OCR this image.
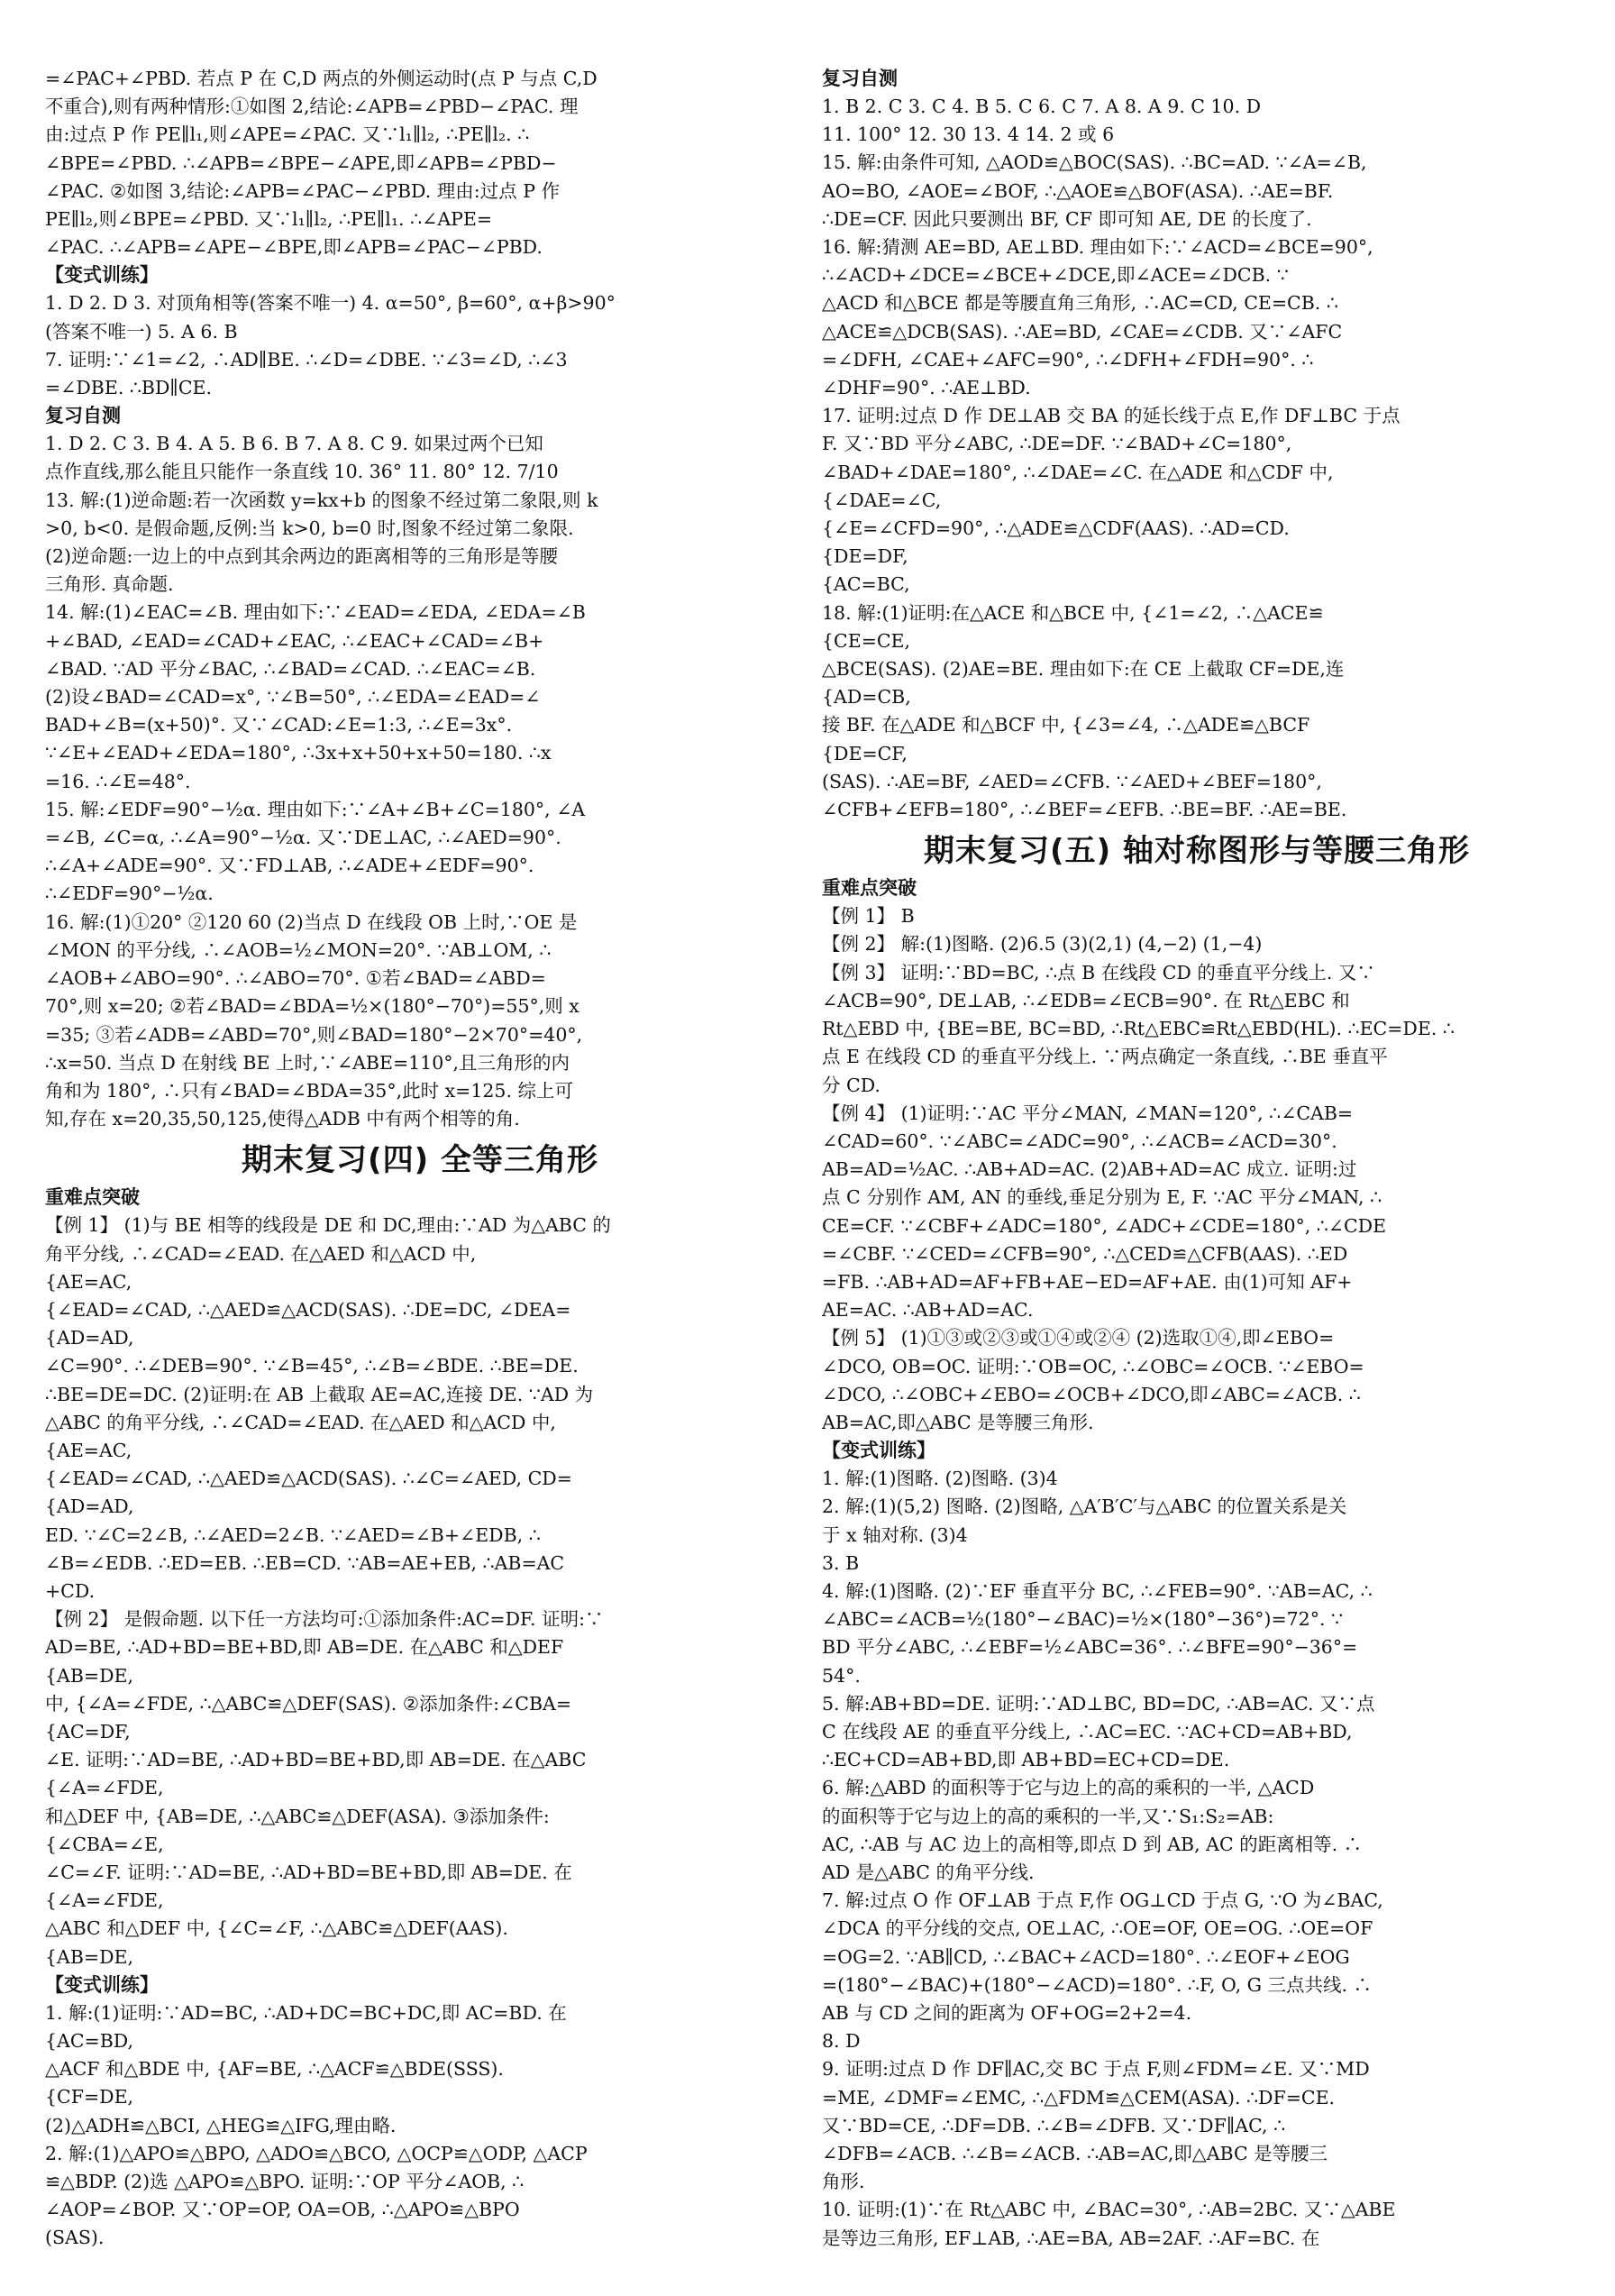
=∠PAC+∠PBD. 若点 P 在 C,D 两点的外侧运动时(点 P 与点 C,D
不重合),则有两种情形:①如图 2,结论:∠APB=∠PBD−∠PAC. 理
由:过点 P 作 PE∥l₁,则∠APE=∠PAC. 又∵l₁∥l₂, ∴PE∥l₂. ∴
∠BPE=∠PBD. ∴∠APB=∠BPE−∠APE,即∠APB=∠PBD−
∠PAC. ②如图 3,结论:∠APB=∠PAC−∠PBD. 理由:过点 P 作
PE∥l₂,则∠BPE=∠PBD. 又∵l₁∥l₂, ∴PE∥l₁. ∴∠APE=
∠PAC. ∴∠APB=∠APE−∠BPE,即∠APB=∠PAC−∠PBD.
【变式训练】
1. D 2. D 3. 对顶角相等(答案不唯一) 4. α=50°, β=60°, α+β>90°
(答案不唯一) 5. A 6. B
7. 证明:∵∠1=∠2, ∴AD∥BE. ∴∠D=∠DBE. ∵∠3=∠D, ∴∠3
=∠DBE. ∴BD∥CE.
复习自测
1. D 2. C 3. B 4. A 5. B 6. B 7. A 8. C 9. 如果过两个已知
点作直线,那么能且只能作一条直线 10. 36° 11. 80° 12. 7/10
13. 解:(1)逆命题:若一次函数 y=kx+b 的图象不经过第二象限,则 k
>0, b<0. 是假命题,反例:当 k>0, b=0 时,图象不经过第二象限.
(2)逆命题:一边上的中点到其余两边的距离相等的三角形是等腰
三角形. 真命题.
14. 解:(1)∠EAC=∠B. 理由如下:∵∠EAD=∠EDA, ∠EDA=∠B
+∠BAD, ∠EAD=∠CAD+∠EAC, ∴∠EAC+∠CAD=∠B+
∠BAD. ∵AD 平分∠BAC, ∴∠BAD=∠CAD. ∴∠EAC=∠B.
(2)设∠BAD=∠CAD=x°, ∵∠B=50°, ∴∠EDA=∠EAD=∠
BAD+∠B=(x+50)°. 又∵∠CAD:∠E=1:3, ∴∠E=3x°.
∵∠E+∠EAD+∠EDA=180°, ∴3x+x+50+x+50=180. ∴x
=16. ∴∠E=48°.
15. 解:∠EDF=90°−½α. 理由如下:∵∠A+∠B+∠C=180°, ∠A
=∠B, ∠C=α, ∴∠A=90°−½α. 又∵DE⊥AC, ∴∠AED=90°.
∴∠A+∠ADE=90°. 又∵FD⊥AB, ∴∠ADE+∠EDF=90°.
∴∠EDF=90°−½α.
16. 解:(1)①20° ②120 60 (2)当点 D 在线段 OB 上时,∵OE 是
∠MON 的平分线, ∴∠AOB=½∠MON=20°. ∵AB⊥OM, ∴
∠AOB+∠ABO=90°. ∴∠ABO=70°. ①若∠BAD=∠ABD=
70°,则 x=20; ②若∠BAD=∠BDA=½×(180°−70°)=55°,则 x
=35; ③若∠ADB=∠ABD=70°,则∠BAD=180°−2×70°=40°,
∴x=50. 当点 D 在射线 BE 上时,∵∠ABE=110°,且三角形的内
角和为 180°, ∴只有∠BAD=∠BDA=35°,此时 x=125. 综上可
知,存在 x=20,35,50,125,使得△ADB 中有两个相等的角.
期末复习(四) 全等三角形
重难点突破
【例 1】 (1)与 BE 相等的线段是 DE 和 DC,理由:∵AD 为△ABC 的
角平分线, ∴∠CAD=∠EAD. 在△AED 和△ACD 中,
{AE=AC,
{∠EAD=∠CAD, ∴△AED≌△ACD(SAS). ∴DE=DC, ∠DEA=
{AD=AD,
∠C=90°. ∴∠DEB=90°. ∵∠B=45°, ∴∠B=∠BDE. ∴BE=DE.
∴BE=DE=DC. (2)证明:在 AB 上截取 AE=AC,连接 DE. ∵AD 为
△ABC 的角平分线, ∴∠CAD=∠EAD. 在△AED 和△ACD 中,
{AE=AC,
{∠EAD=∠CAD, ∴△AED≌△ACD(SAS). ∴∠C=∠AED, CD=
{AD=AD,
ED. ∵∠C=2∠B, ∴∠AED=2∠B. ∵∠AED=∠B+∠EDB, ∴
∠B=∠EDB. ∴ED=EB. ∴EB=CD. ∵AB=AE+EB, ∴AB=AC
+CD.
【例 2】 是假命题. 以下任一方法均可:①添加条件:AC=DF. 证明:∵
AD=BE, ∴AD+BD=BE+BD,即 AB=DE. 在△ABC 和△DEF
{AB=DE,
中, {∠A=∠FDE, ∴△ABC≌△DEF(SAS). ②添加条件:∠CBA=
{AC=DF,
∠E. 证明:∵AD=BE, ∴AD+BD=BE+BD,即 AB=DE. 在△ABC
{∠A=∠FDE,
和△DEF 中, {AB=DE, ∴△ABC≌△DEF(ASA). ③添加条件:
{∠CBA=∠E,
∠C=∠F. 证明:∵AD=BE, ∴AD+BD=BE+BD,即 AB=DE. 在
{∠A=∠FDE,
△ABC 和△DEF 中, {∠C=∠F, ∴△ABC≌△DEF(AAS).
{AB=DE,
【变式训练】
1. 解:(1)证明:∵AD=BC, ∴AD+DC=BC+DC,即 AC=BD. 在
{AC=BD,
△ACF 和△BDE 中, {AF=BE, ∴△ACF≌△BDE(SSS).
{CF=DE,
(2)△ADH≌△BCI, △HEG≌△IFG,理由略.
2. 解:(1)△APO≌△BPO, △ADO≌△BCO, △OCP≌△ODP, △ACP
≌△BDP. (2)选 △APO≌△BPO. 证明:∵OP 平分∠AOB, ∴
∠AOP=∠BOP. 又∵OP=OP, OA=OB, ∴△APO≌△BPO
(SAS).
复习自测
1. B 2. C 3. C 4. B 5. C 6. C 7. A 8. A 9. C 10. D
11. 100° 12. 30 13. 4 14. 2 或 6
15. 解:由条件可知, △AOD≌△BOC(SAS). ∴BC=AD. ∵∠A=∠B,
AO=BO, ∠AOE=∠BOF, ∴△AOE≌△BOF(ASA). ∴AE=BF.
∴DE=CF. 因此只要测出 BF, CF 即可知 AE, DE 的长度了.
16. 解:猜测 AE=BD, AE⊥BD. 理由如下:∵∠ACD=∠BCE=90°,
∴∠ACD+∠DCE=∠BCE+∠DCE,即∠ACE=∠DCB. ∵
△ACD 和△BCE 都是等腰直角三角形, ∴AC=CD, CE=CB. ∴
△ACE≌△DCB(SAS). ∴AE=BD, ∠CAE=∠CDB. 又∵∠AFC
=∠DFH, ∠CAE+∠AFC=90°, ∴∠DFH+∠FDH=90°. ∴
∠DHF=90°. ∴AE⊥BD.
17. 证明:过点 D 作 DE⊥AB 交 BA 的延长线于点 E,作 DF⊥BC 于点
F. 又∵BD 平分∠ABC, ∴DE=DF. ∵∠BAD+∠C=180°,
∠BAD+∠DAE=180°, ∴∠DAE=∠C. 在△ADE 和△CDF 中,
{∠DAE=∠C,
{∠E=∠CFD=90°, ∴△ADE≌△CDF(AAS). ∴AD=CD.
{DE=DF,
{AC=BC,
18. 解:(1)证明:在△ACE 和△BCE 中, {∠1=∠2, ∴△ACE≌
{CE=CE,
△BCE(SAS). (2)AE=BE. 理由如下:在 CE 上截取 CF=DE,连
{AD=CB,
接 BF. 在△ADE 和△BCF 中, {∠3=∠4, ∴△ADE≌△BCF
{DE=CF,
(SAS). ∴AE=BF, ∠AED=∠CFB. ∵∠AED+∠BEF=180°,
∠CFB+∠EFB=180°, ∴∠BEF=∠EFB. ∴BE=BF. ∴AE=BE.
期末复习(五) 轴对称图形与等腰三角形
重难点突破
【例 1】 B
【例 2】 解:(1)图略. (2)6.5 (3)(2,1) (4,−2) (1,−4)
【例 3】 证明:∵BD=BC, ∴点 B 在线段 CD 的垂直平分线上. 又∵
∠ACB=90°, DE⊥AB, ∴∠EDB=∠ECB=90°. 在 Rt△EBC 和
Rt△EBD 中, {BE=BE, BC=BD, ∴Rt△EBC≌Rt△EBD(HL). ∴EC=DE. ∴
点 E 在线段 CD 的垂直平分线上. ∵两点确定一条直线, ∴BE 垂直平
分 CD.
【例 4】 (1)证明:∵AC 平分∠MAN, ∠MAN=120°, ∴∠CAB=
∠CAD=60°. ∵∠ABC=∠ADC=90°, ∴∠ACB=∠ACD=30°.
AB=AD=½AC. ∴AB+AD=AC. (2)AB+AD=AC 成立. 证明:过
点 C 分别作 AM, AN 的垂线,垂足分别为 E, F. ∵AC 平分∠MAN, ∴
CE=CF. ∵∠CBF+∠ADC=180°, ∠ADC+∠CDE=180°, ∴∠CDE
=∠CBF. ∵∠CED=∠CFB=90°, ∴△CED≌△CFB(AAS). ∴ED
=FB. ∴AB+AD=AF+FB+AE−ED=AF+AE. 由(1)可知 AF+
AE=AC. ∴AB+AD=AC.
【例 5】 (1)①③或②③或①④或②④ (2)选取①④,即∠EBO=
∠DCO, OB=OC. 证明:∵OB=OC, ∴∠OBC=∠OCB. ∵∠EBO=
∠DCO, ∴∠OBC+∠EBO=∠OCB+∠DCO,即∠ABC=∠ACB. ∴
AB=AC,即△ABC 是等腰三角形.
【变式训练】
1. 解:(1)图略. (2)图略. (3)4
2. 解:(1)(5,2) 图略. (2)图略, △A′B′C′与△ABC 的位置关系是关
于 x 轴对称. (3)4
3. B
4. 解:(1)图略. (2)∵EF 垂直平分 BC, ∴∠FEB=90°. ∵AB=AC, ∴
∠ABC=∠ACB=½(180°−∠BAC)=½×(180°−36°)=72°. ∵
BD 平分∠ABC, ∴∠EBF=½∠ABC=36°. ∴∠BFE=90°−36°=
54°.
5. 解:AB+BD=DE. 证明:∵AD⊥BC, BD=DC, ∴AB=AC. 又∵点
C 在线段 AE 的垂直平分线上, ∴AC=EC. ∵AC+CD=AB+BD,
∴EC+CD=AB+BD,即 AB+BD=EC+CD=DE.
6. 解:△ABD 的面积等于它与边上的高的乘积的一半, △ACD
的面积等于它与边上的高的乘积的一半,又∵S₁:S₂=AB:
AC, ∴AB 与 AC 边上的高相等,即点 D 到 AB, AC 的距离相等. ∴
AD 是△ABC 的角平分线.
7. 解:过点 O 作 OF⊥AB 于点 F,作 OG⊥CD 于点 G, ∵O 为∠BAC,
∠DCA 的平分线的交点, OE⊥AC, ∴OE=OF, OE=OG. ∴OE=OF
=OG=2. ∵AB∥CD, ∴∠BAC+∠ACD=180°. ∴∠EOF+∠EOG
=(180°−∠BAC)+(180°−∠ACD)=180°. ∴F, O, G 三点共线. ∴
AB 与 CD 之间的距离为 OF+OG=2+2=4.
8. D
9. 证明:过点 D 作 DF∥AC,交 BC 于点 F,则∠FDM=∠E. 又∵MD
=ME, ∠DMF=∠EMC, ∴△FDM≌△CEM(ASA). ∴DF=CE.
又∵BD=CE, ∴DF=DB. ∴∠B=∠DFB. 又∵DF∥AC, ∴
∠DFB=∠ACB. ∴∠B=∠ACB. ∴AB=AC,即△ABC 是等腰三
角形.
10. 证明:(1)∵在 Rt△ABC 中, ∠BAC=30°, ∴AB=2BC. 又∵△ABE
是等边三角形, EF⊥AB, ∴AE=BA, AB=2AF. ∴AF=BC. 在
